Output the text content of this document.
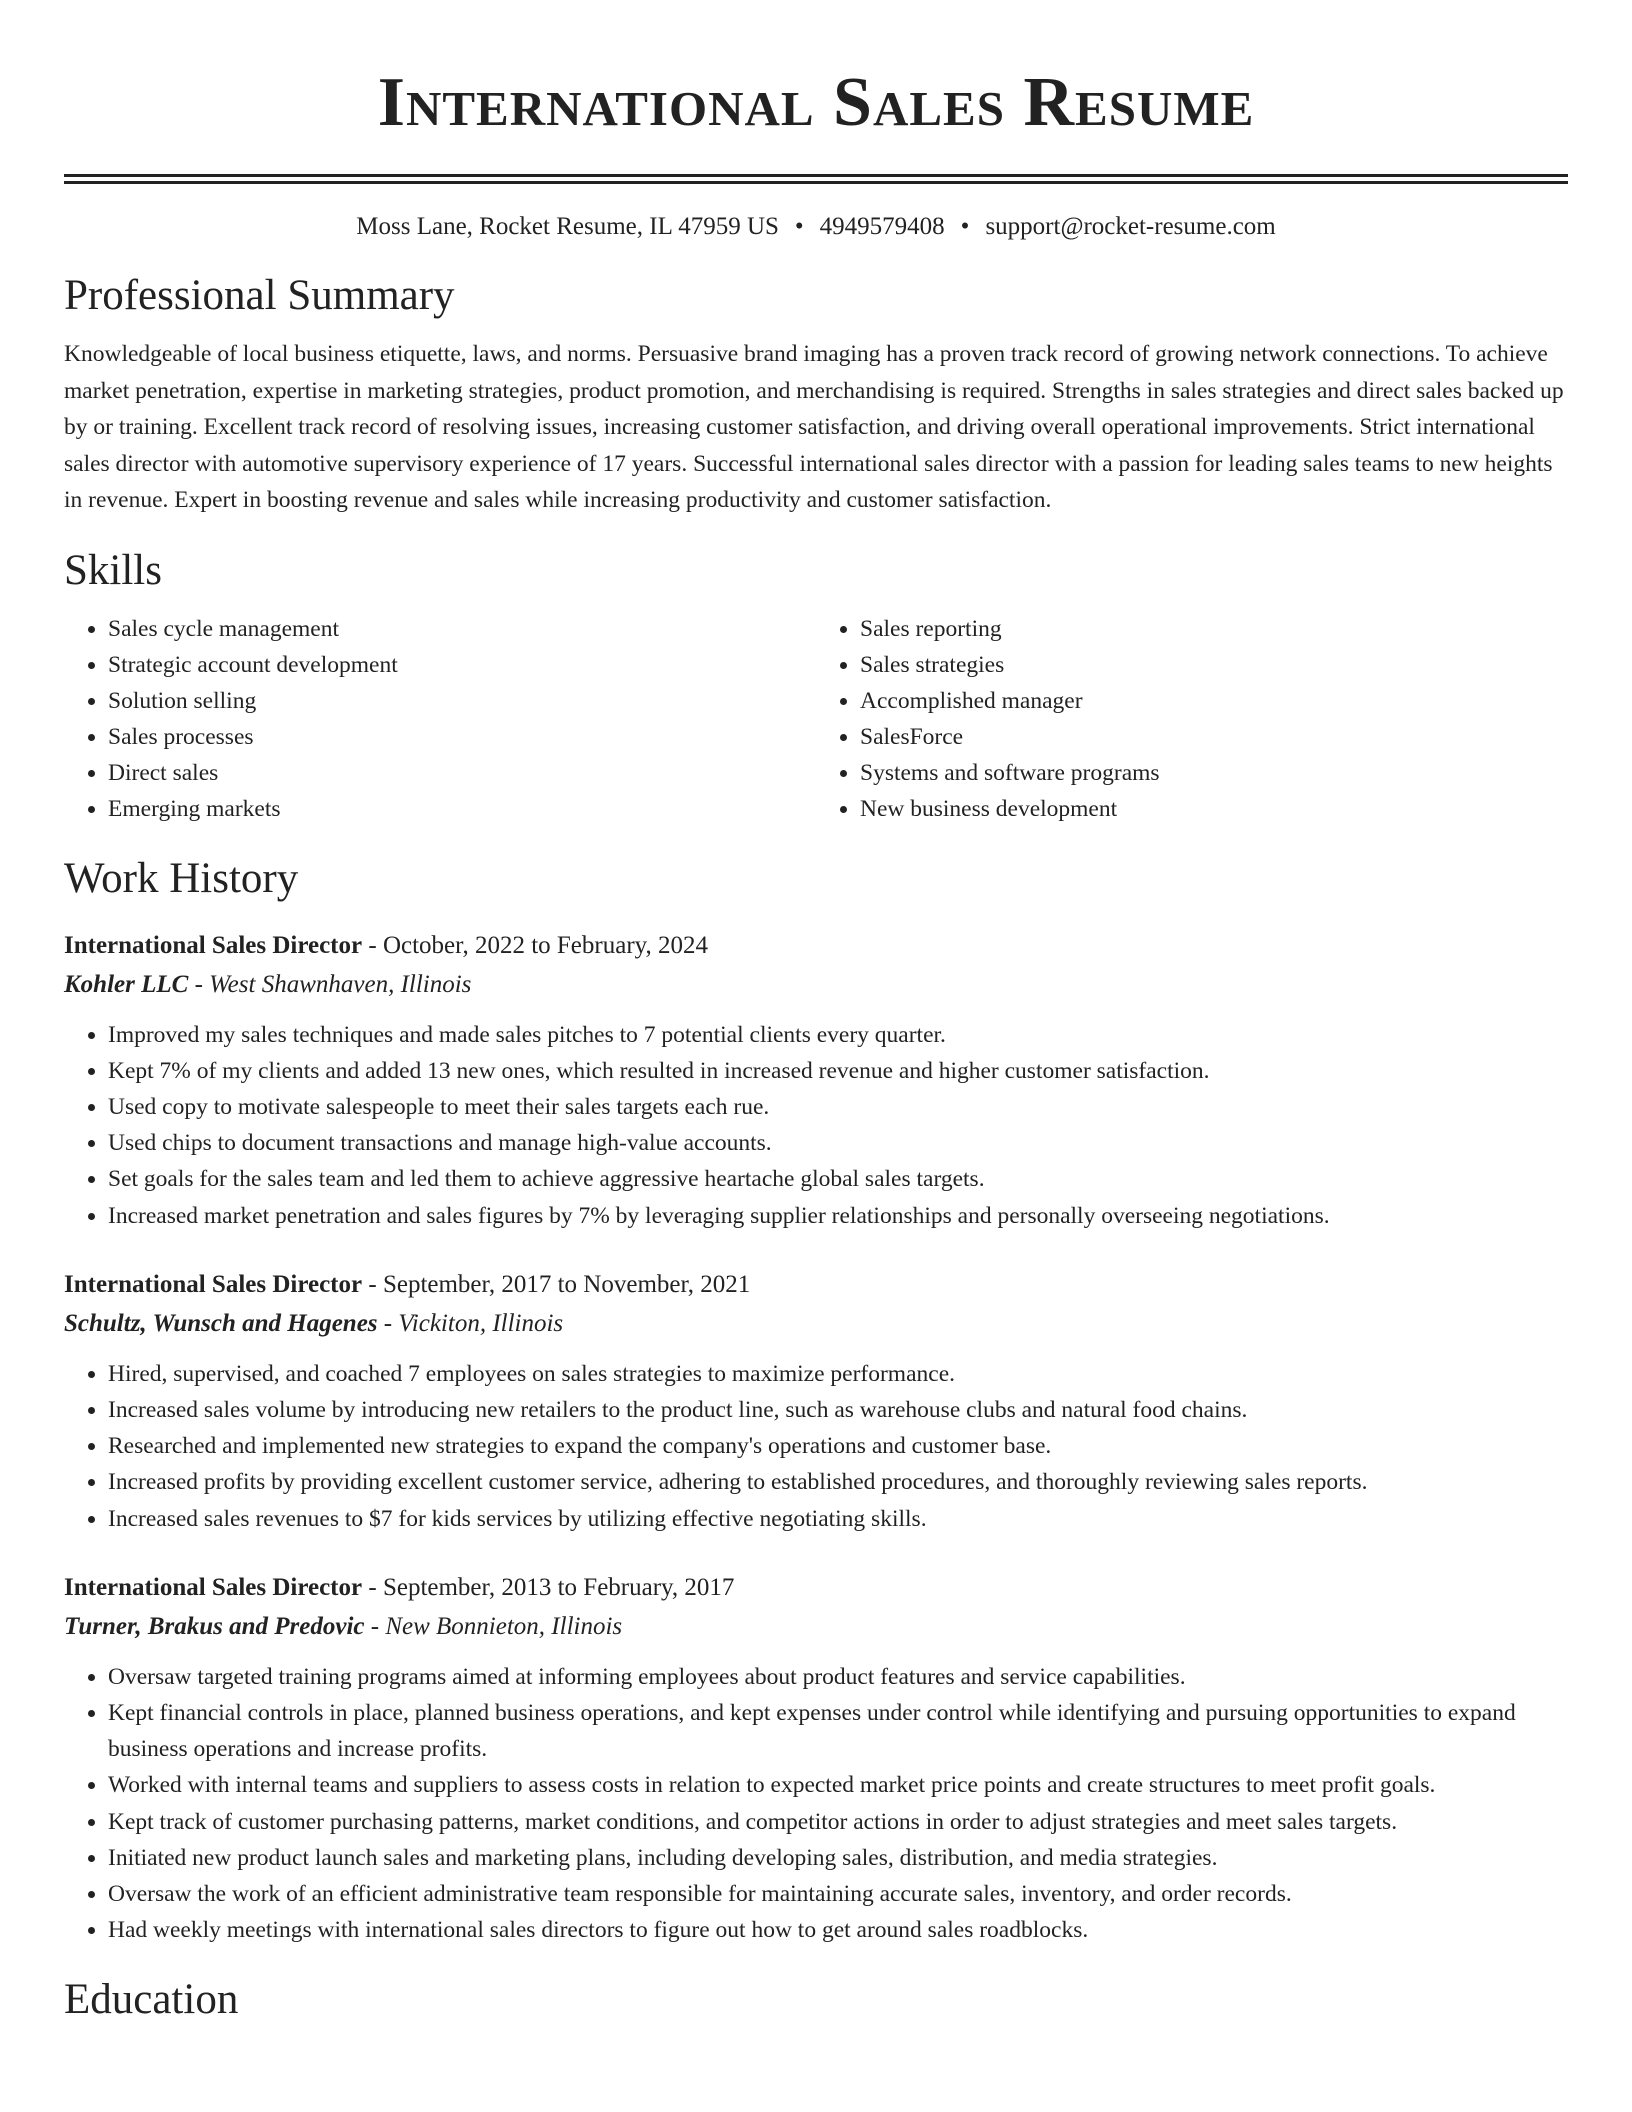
International Sales Resume
Moss Lane, Rocket Resume, IL 47959 US • 4949579408 • support@rocket-resume.com
Professional Summary

Knowledgeable of local business etiquette, laws, and norms. Persuasive brand imaging has a proven track record of growing network connections. To achieve market penetration, expertise in marketing strategies, product promotion, and merchandising is required. Strengths in sales strategies and direct sales backed up by or training. Excellent track record of resolving issues, increasing customer satisfaction, and driving overall operational improvements. Strict international sales director with automotive supervisory experience of 17 years. Successful international sales director with a passion for leading sales teams to new heights in revenue. Expert in boosting revenue and sales while increasing productivity and customer satisfaction.

Skills
• Sales cycle management
• Strategic account development
• Solution selling
• Sales processes
• Direct sales
• Emerging markets
• Sales reporting
• Sales strategies
• Accomplished manager
• SalesForce
• Systems and software programs
• New business development
Work History
International Sales Director - October, 2022 to February, 2024
Kohler LLC - West Shawnhaven, Illinois
• Improved my sales techniques and made sales pitches to 7 potential clients every quarter.
• Kept 7% of my clients and added 13 new ones, which resulted in increased revenue and higher customer satisfaction.
• Used copy to motivate salespeople to meet their sales targets each rue.
• Used chips to document transactions and manage high-value accounts.
• Set goals for the sales team and led them to achieve aggressive heartache global sales targets.
• Increased market penetration and sales figures by 7% by leveraging supplier relationships and personally overseeing negotiations.
International Sales Director - September, 2017 to November, 2021
Schultz, Wunsch and Hagenes - Vickiton, Illinois
• Hired, supervised, and coached 7 employees on sales strategies to maximize performance.
• Increased sales volume by introducing new retailers to the product line, such as warehouse clubs and natural food chains.
• Researched and implemented new strategies to expand the company's operations and customer base.
• Increased profits by providing excellent customer service, adhering to established procedures, and thoroughly reviewing sales reports.
• Increased sales revenues to $7 for kids services by utilizing effective negotiating skills.
International Sales Director - September, 2013 to February, 2017
Turner, Brakus and Predovic - New Bonnieton, Illinois
• Oversaw targeted training programs aimed at informing employees about product features and service capabilities.
• Kept financial controls in place, planned business operations, and kept expenses under control while identifying and pursuing opportunities to expand business operations and increase profits.
• Worked with internal teams and suppliers to assess costs in relation to expected market price points and create structures to meet profit goals.
• Kept track of customer purchasing patterns, market conditions, and competitor actions in order to adjust strategies and meet sales targets.
• Initiated new product launch sales and marketing plans, including developing sales, distribution, and media strategies.
• Oversaw the work of an efficient administrative team responsible for maintaining accurate sales, inventory, and order records.
• Had weekly meetings with international sales directors to figure out how to get around sales roadblocks.
Education
